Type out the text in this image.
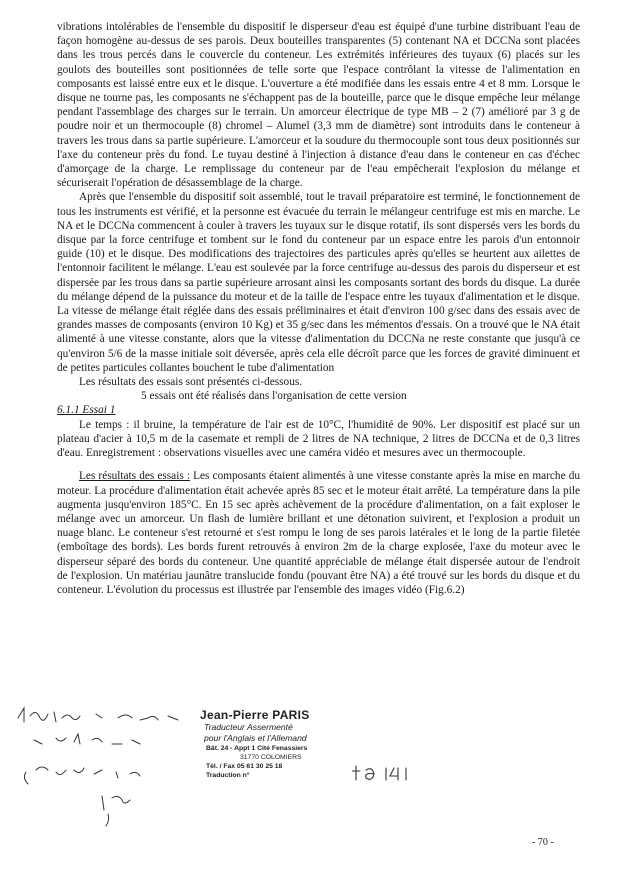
vibrations intolérables de l'ensemble du dispositif le disperseur d'eau est équipé d'une turbine distribuant l'eau de façon homogène au-dessus de ses parois. Deux bouteilles transparentes (5) contenant NA et DCCNa sont placées dans les trous percés dans le couvercle du conteneur. Les extrémités inférieures des tuyaux (6) placés sur les goulots des bouteilles sont positionnées de telle sorte que l'espace contrôlant la vitesse de l'alimentation en composants est laissé entre eux et le disque. L'ouverture a été modifiée dans les essais entre 4 et 8 mm. Lorsque le disque ne tourne pas, les composants ne s'échappent pas de la bouteille, parce que le disque empêche leur mélange pendant l'assemblage des charges sur le terrain. Un amorceur électrique de type MB – 2 (7) amélioré par 3 g de poudre noir et un thermocouple (8) chromel – Alumel (3,3 mm de diamètre) sont introduits dans le conteneur à travers les trous dans sa partie supérieure. L'amorceur et la soudure du thermocouple sont tous deux positionnés sur l'axe du conteneur près du fond. Le tuyau destiné à l'injection à distance d'eau dans le conteneur en cas d'échec d'amorçage de la charge. Le remplissage du conteneur par de l'eau empêcherait l'explosion du mélange et sécuriserait l'opération de désassemblage de la charge.

Après que l'ensemble du dispositif soit assemblé, tout le travail préparatoire est terminé, le fonctionnement de tous les instruments est vérifié, et la personne est évacuée du terrain le mélangeur centrifuge est mis en marche. Le NA et le DCCNa commencent à couler à travers les tuyaux sur le disque rotatif, ils sont dispersés vers les bords du disque par la force centrifuge et tombent sur le fond du conteneur par un espace entre les parois d'un entonnoir guide (10) et le disque. Des modifications des trajectoires des particules après qu'elles se heurtent aux ailettes de l'entonnoir facilitent le mélange. L'eau est soulevée par la force centrifuge au-dessus des parois du disperseur et est dispersée par les trous dans sa partie supérieure arrosant ainsi les composants sortant des bords du disque. La durée du mélange dépend de la puissance du moteur et de la taille de l'espace entre les tuyaux d'alimentation et le disque. La vitesse de mélange était réglée dans des essais préliminaires et était d'environ 100 g/sec dans des essais avec de grandes masses de composants (environ 10 Kg) et 35 g/sec dans les mémentos d'essais. On a trouvé que le NA était alimenté à une vitesse constante, alors que la vitesse d'alimentation du DCCNa ne reste constante que jusqu'à ce qu'environ 5/6 de la masse initiale soit déversée, après cela elle décroît parce que les forces de gravité diminuent et de petites particules collantes bouchent le tube d'alimentation

Les résultats des essais sont présentés ci-dessous.

5 essais ont été réalisés dans l'organisation de cette version

6.1.1 Essai 1

Le temps : il bruine, la température de l'air est de 10°C, l'humidité de 90%. Ler dispositif est placé sur un plateau d'acier à 10,5 m de la casemate et rempli de 2 litres de NA technique, 2 litres de DCCNa et de 0,3 litres d'eau. Enregistrement : observations visuelles avec une caméra vidéo et mesures avec un thermocouple.

Les résultats des essais : Les composants étaient alimentés à une vitesse constante après la mise en marche du moteur. La procédure d'alimentation était achevée après 85 sec et le moteur était arrêté. La température dans la pile augmenta jusqu'environ 185°C. En 15 sec après achèvement de la procédure d'alimentation, on a fait exploser le mélange avec un amorceur. Un flash de lumière brillant et une détonation suivirent, et l'explosion a produit un nuage blanc. Le conteneur s'est retourné et s'est rompu le long de ses parois latérales et le long de la partie filetée (emboîtage des bords). Les bords furent retrouvés à environ 2m de la charge explosée, l'axe du moteur avec le disperseur séparé des bords du conteneur. Une quantité appréciable de mélange était dispersée autour de l'endroit de l'explosion. Un matériau jaunâtre translucide fondu (pouvant être NA) a été trouvé sur les bords du disque et du conteneur. L'évolution du processus est illustrée par l'ensemble des images vidéo (Fig.6.2)

Jean-Pierre PARIS
Traducteur Assermenté
pour l'Anglais et l'Allemand
Bât. 24 - Appt 1 Cité Fenassiers
31770 COLOMIERS
Tél. / Fax 05 61 30 25 18
Traduction n°
- 70 -
